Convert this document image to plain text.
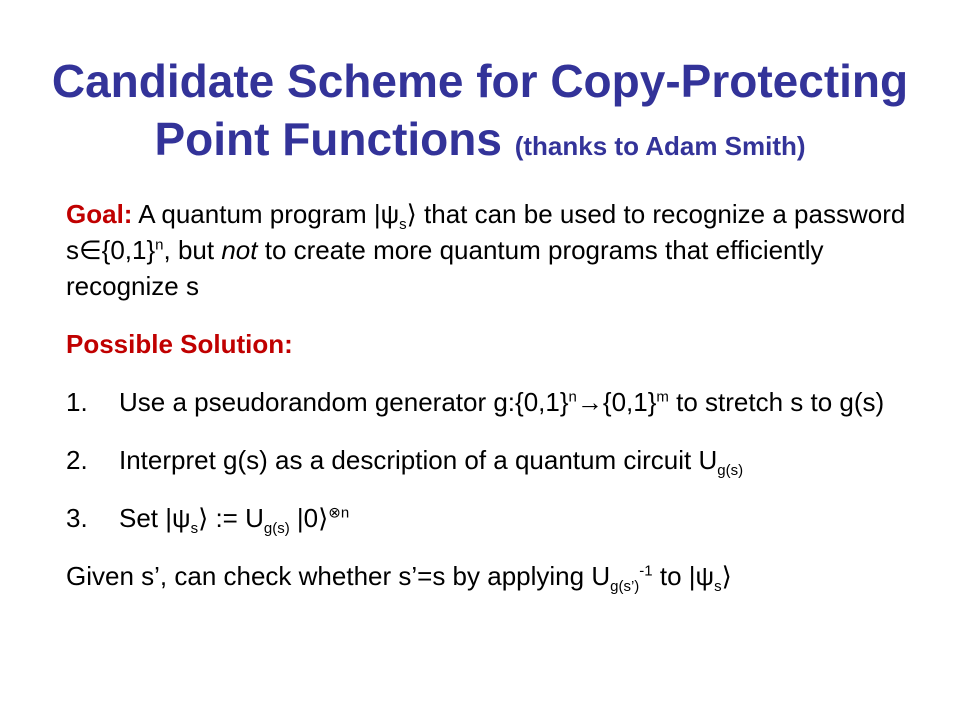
Candidate Scheme for Copy-Protecting
Point Functions (thanks to Adam Smith)

Goal: A quantum program $|\psi_s⟩$ that can be used to recognize a password $s\in\{0,1\}^n$, but not to create more quantum programs that efficiently recognize s

Possible Solution:

1. Use a pseudorandom generator $g:\{0,1\}^n\to\{0,1\}^m$ to stretch s to g(s)

2. Interpret g(s) as a description of a quantum circuit $U_{g(s)}$

3. Set $|\psi_s⟩$ := $U_{g(s)}$ |0⟩$^{\otimes n}$

Given s’, can check whether s’=s by applying $U_{g(s’)}^{-1}$ to $|\psi_s⟩$
